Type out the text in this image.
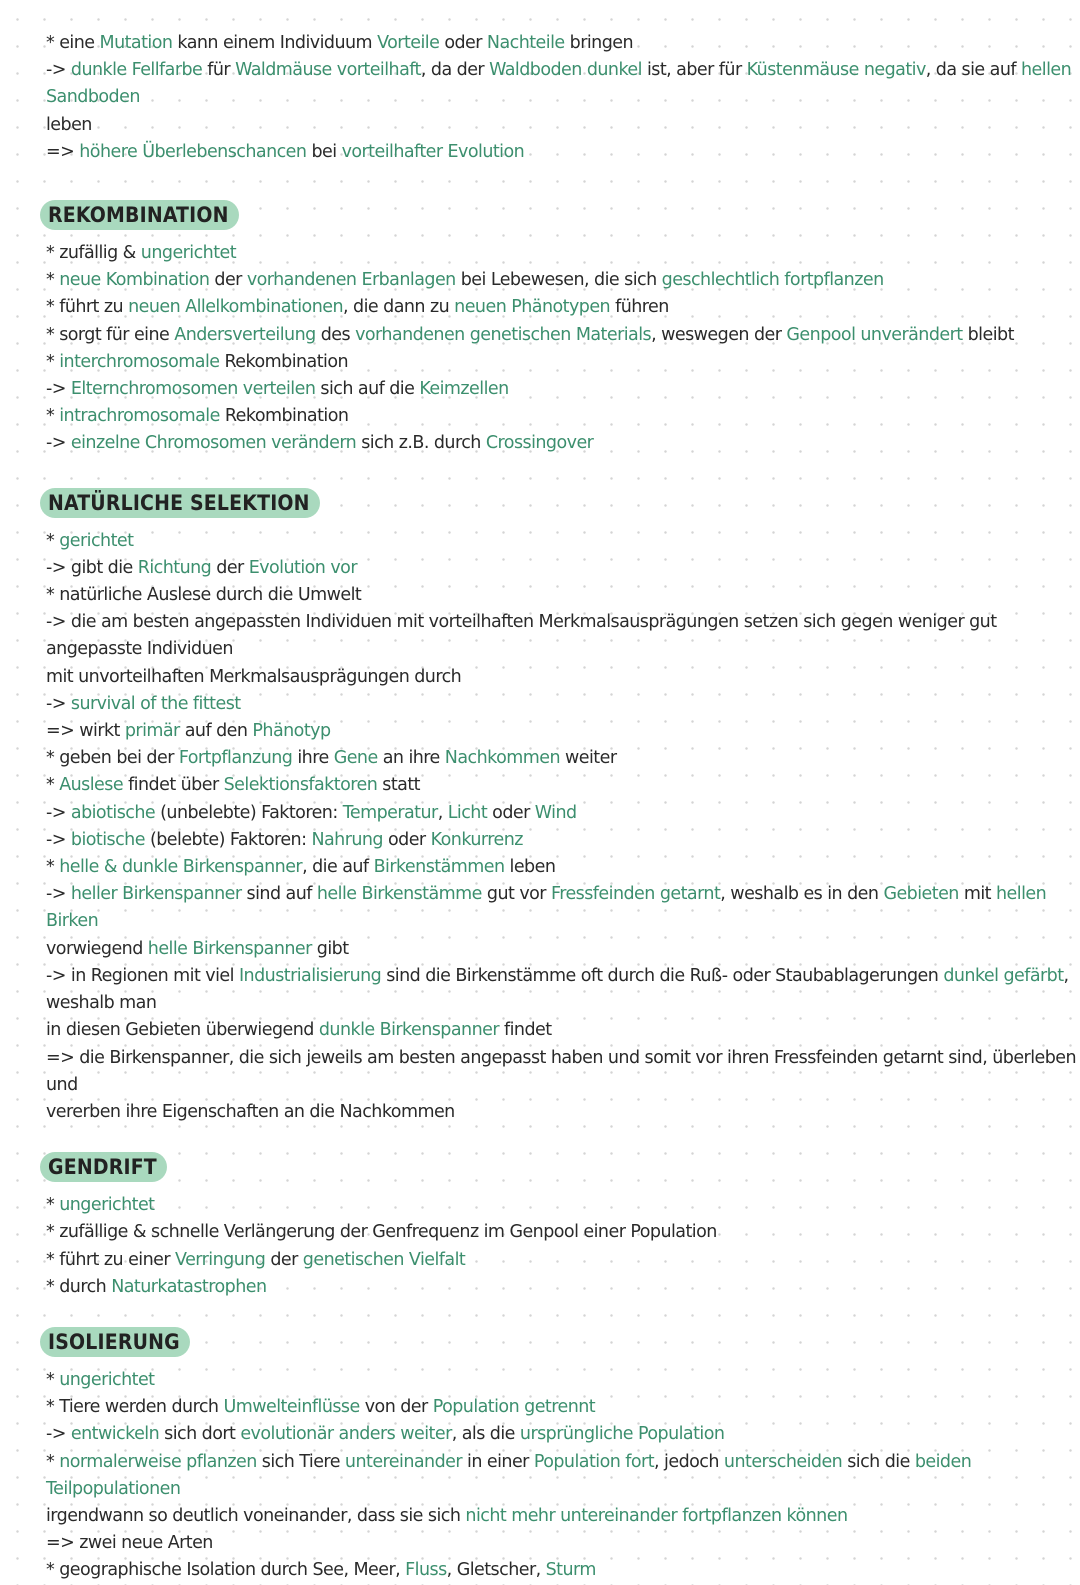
* eine Mutation kann einem Individuum Vorteile oder Nachteile bringen

-> dunkle Fellfarbe für Waldmäuse vorteilhaft, da der Waldboden dunkel ist, aber für Küstenmäuse negativ, da sie auf hellen Sandboden

leben

=> höhere Überlebenschancen bei vorteilhafter Evolution

REKOMBINATION

* zufällig & ungerichtet

* neue Kombination der vorhandenen Erbanlagen bei Lebewesen, die sich geschlechtlich fortpflanzen

* führt zu neuen Allelkombinationen, die dann zu neuen Phänotypen führen

* sorgt für eine Andersverteilung des vorhandenen genetischen Materials, weswegen der Genpool unverändert bleibt

* interchromosomale Rekombination

-> Elternchromosomen verteilen sich auf die Keimzellen

* intrachromosomale Rekombination

-> einzelne Chromosomen verändern sich z.B. durch Crossingover

NATÜRLICHE SELEKTION

* gerichtet

-> gibt die Richtung der Evolution vor

* natürliche Auslese durch die Umwelt

-> die am besten angepassten Individuen mit vorteilhaften Merkmalsausprägungen setzen sich gegen weniger gut angepasste Individuen

mit unvorteilhaften Merkmalsausprägungen durch

-> survival of the fittest

=> wirkt primär auf den Phänotyp

* geben bei der Fortpflanzung ihre Gene an ihre Nachkommen weiter

* Auslese findet über Selektionsfaktoren statt

-> abiotische (unbelebte) Faktoren: Temperatur, Licht oder Wind

-> biotische (belebte) Faktoren: Nahrung oder Konkurrenz

* helle & dunkle Birkenspanner, die auf Birkenstämmen leben

-> heller Birkenspanner sind auf helle Birkenstämme gut vor Fressfeinden getarnt, weshalb es in den Gebieten mit hellen Birken

vorwiegend helle Birkenspanner gibt

-> in Regionen mit viel Industrialisierung sind die Birkenstämme oft durch die Ruß- oder Staubablagerungen dunkel gefärbt, weshalb man

in diesen Gebieten überwiegend dunkle Birkenspanner findet

=> die Birkenspanner, die sich jeweils am besten angepasst haben und somit vor ihren Fressfeinden getarnt sind, überleben und

vererben ihre Eigenschaften an die Nachkommen

GENDRIFT

* ungerichtet

* zufällige & schnelle Verlängerung der Genfrequenz im Genpool einer Population

* führt zu einer Verringung der genetischen Vielfalt

* durch Naturkatastrophen

ISOLIERUNG

* ungerichtet

* Tiere werden durch Umwelteinflüsse von der Population getrennt

-> entwickeln sich dort evolutionär anders weiter, als die ursprüngliche Population

* normalerweise pflanzen sich Tiere untereinander in einer Population fort, jedoch unterscheiden sich die beiden Teilpopulationen

irgendwann so deutlich voneinander, dass sie sich nicht mehr untereinander fortpflanzen können

=> zwei neue Arten

* geographische Isolation durch See, Meer, Fluss, Gletscher, Sturm
